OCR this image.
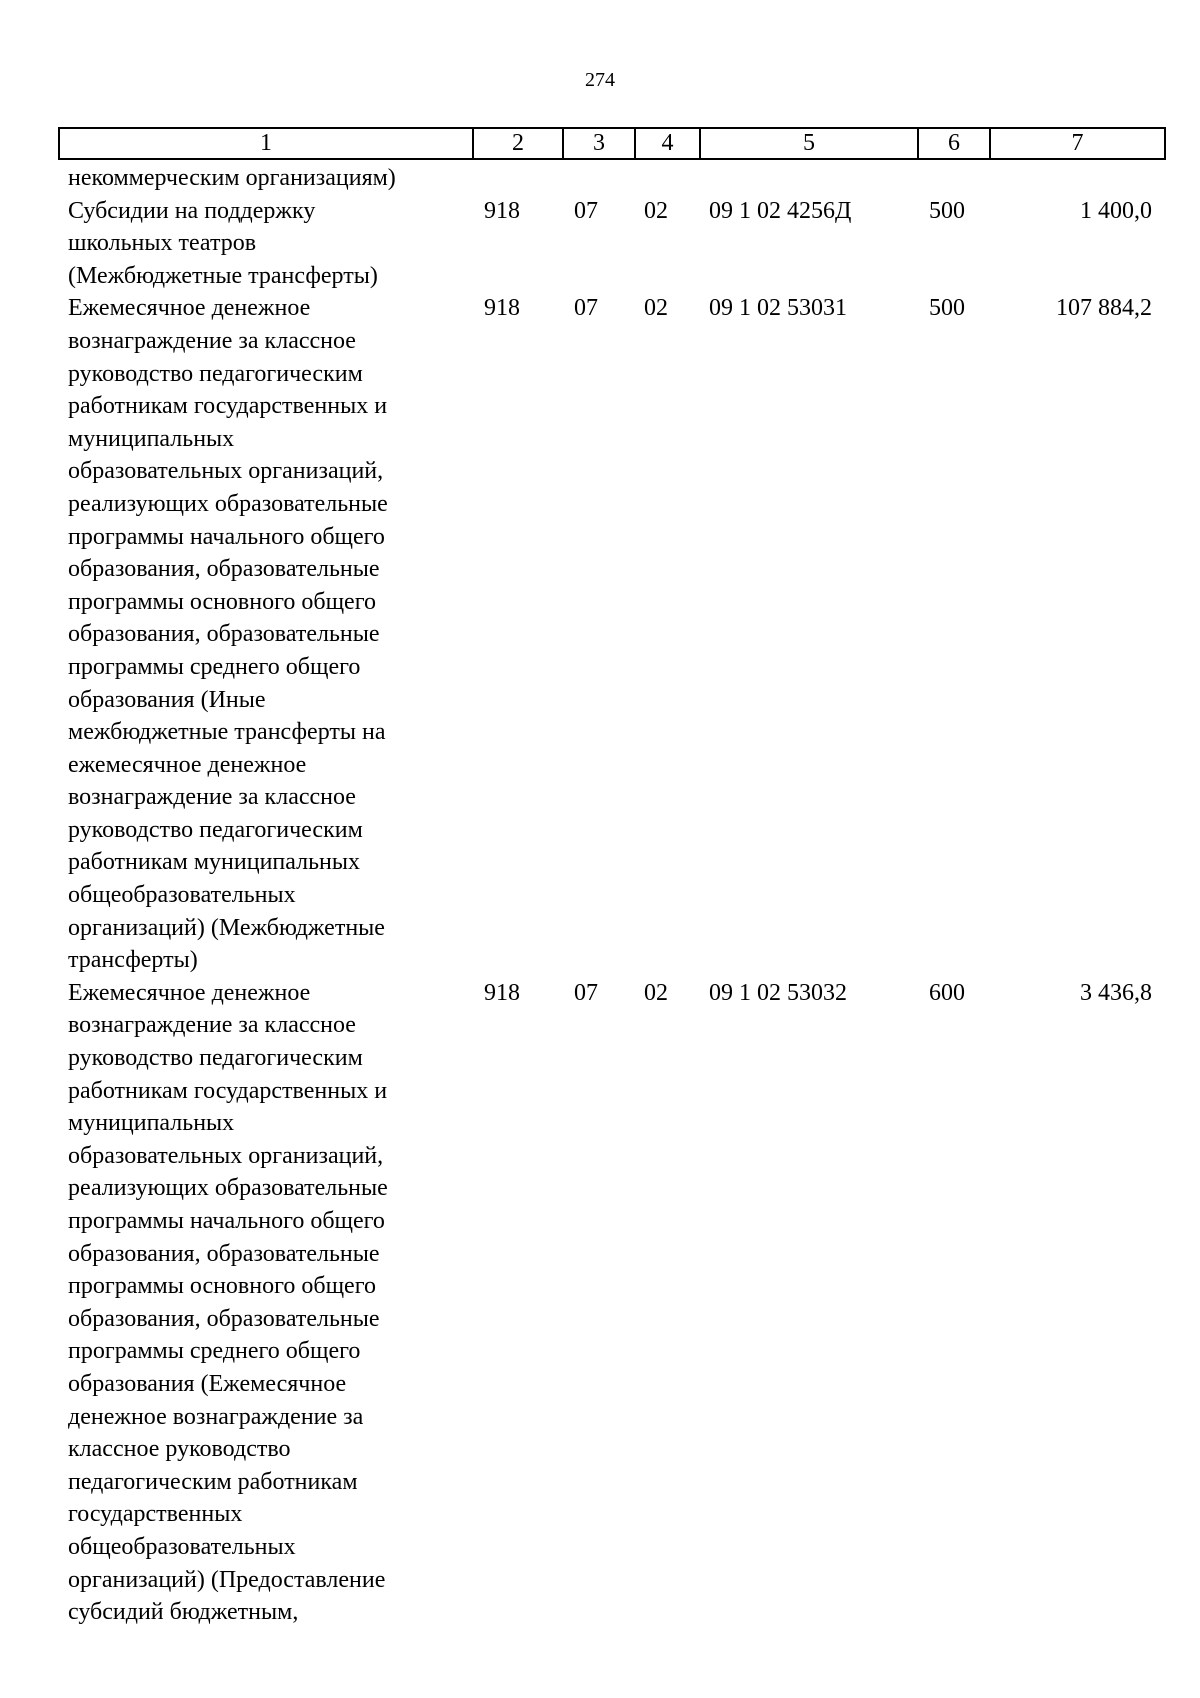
274
1	2	3	4	5	6	7
некоммерческим организациям)
Субсидии на поддержку
школьных театров
(Межбюджетные трансферты)
918	07	02	09 1 02 4256Д	500	1 400,0
Ежемесячное денежное
вознаграждение за классное
руководство педагогическим
работникам государственных и
муниципальных
образовательных организаций,
реализующих образовательные
программы начального общего
образования, образовательные
программы основного общего
образования, образовательные
программы среднего общего
образования (Иные
межбюджетные трансферты на
ежемесячное денежное
вознаграждение за классное
руководство педагогическим
работникам муниципальных
общеобразовательных
организаций) (Межбюджетные
трансферты)
918	07	02	09 1 02 53031	500	107 884,2
Ежемесячное денежное
вознаграждение за классное
руководство педагогическим
работникам государственных и
муниципальных
образовательных организаций,
реализующих образовательные
программы начального общего
образования, образовательные
программы основного общего
образования, образовательные
программы среднего общего
образования (Ежемесячное
денежное вознаграждение за
классное руководство
педагогическим работникам
государственных
общеобразовательных
организаций) (Предоставление
субсидий бюджетным,
918	07	02	09 1 02 53032	600	3 436,8
